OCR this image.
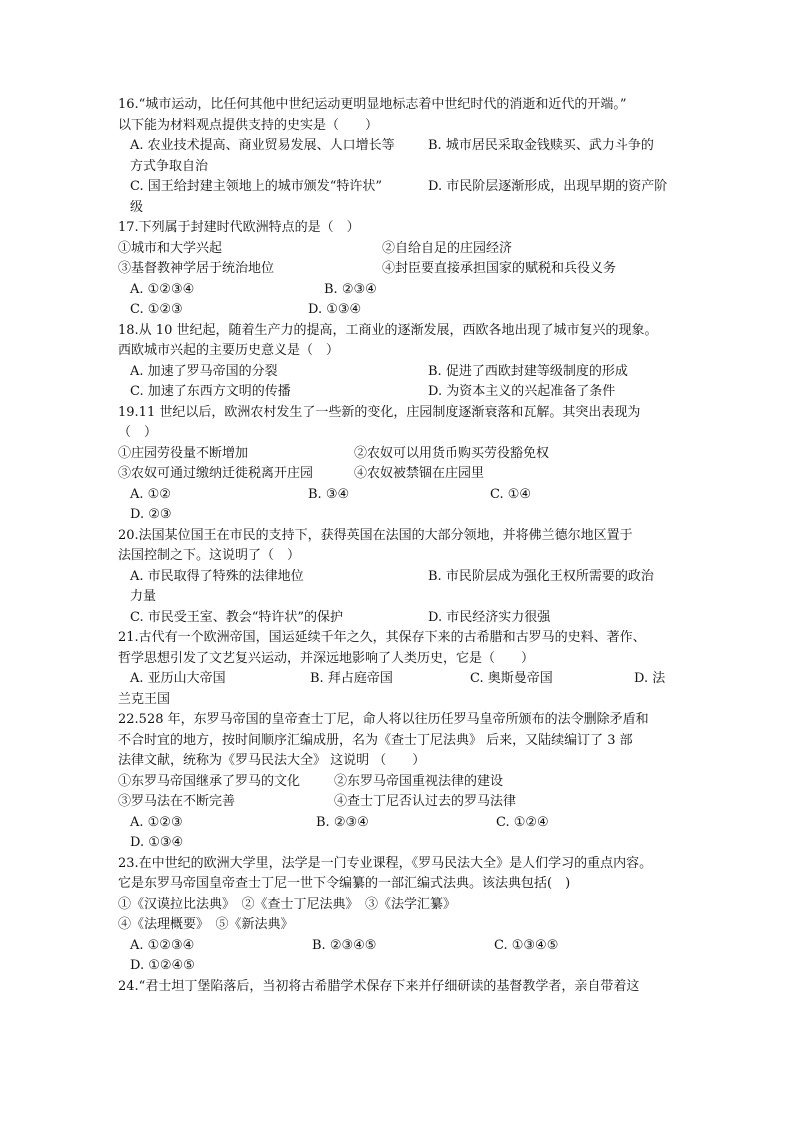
16.“城市运动，比任何其他中世纪运动更明显地标志着中世纪时代的消逝和近代的开端。”
以下能为材料观点提供支持的史实是（　　）
A. 农业技术提高、商业贸易发展、人口增长等	B. 城市居民采取金钱赎买、武力斗争的
方式争取自治
C. 国王给封建主领地上的城市颁发“特许状”	D. 市民阶层逐渐形成，出现早期的资产阶
级
17.下列属于封建时代欧洲特点的是（　）
①城市和大学兴起	②自给自足的庄园经济
③基督教神学居于统治地位	④封臣要直接承担国家的赋税和兵役义务
A. ①②③④	B. ②③④
C. ①②③	D. ①③④
18.从 10 世纪起，随着生产力的提高，工商业的逐渐发展，西欧各地出现了城市复兴的现象。
西欧城市兴起的主要历史意义是（　）
A. 加速了罗马帝国的分裂	B. 促进了西欧封建等级制度的形成
C. 加速了东西方文明的传播	D. 为资本主义的兴起准备了条件
19.11 世纪以后，欧洲农村发生了一些新的变化，庄园制度逐渐衰落和瓦解。其突出表现为
（　）
①庄园劳役量不断增加	②农奴可以用货币购买劳役豁免权
③农奴可通过缴纳迁徙税离开庄园	④农奴被禁锢在庄园里
A. ①②	B. ③④	C. ①④
D. ②③
20.法国某位国王在市民的支持下，获得英国在法国的大部分领地，并将佛兰德尔地区置于
法国控制之下。这说明了（　）
A. 市民取得了特殊的法律地位	B. 市民阶层成为强化王权所需要的政治
力量
C. 市民受王室、教会“特许状”的保护	D. 市民经济实力很强
21.古代有一个欧洲帝国，国运延续千年之久，其保存下来的古希腊和古罗马的史料、著作、
哲学思想引发了文艺复兴运动，并深远地影响了人类历史，它是（　　）
A. 亚历山大帝国	B. 拜占庭帝国	C. 奥斯曼帝国	D. 法
兰克王国
22.528 年，东罗马帝国的皇帝查士丁尼，命人将以往历任罗马皇帝所颁布的法令删除矛盾和
不合时宜的地方，按时间顺序汇编成册，名为《查士丁尼法典》 后来，又陆续编订了 3 部
法律文献，统称为《罗马民法大全》 这说明 （　　）
①东罗马帝国继承了罗马的文化	②东罗马帝国重视法律的建设
③罗马法在不断完善	④查士丁尼否认过去的罗马法律
A. ①②③	B. ②③④	C. ①②④
D. ①③④
23.在中世纪的欧洲大学里，法学是一门专业课程，《罗马民法大全》是人们学习的重点内容。
它是东罗马帝国皇帝查士丁尼一世下令编纂的一部汇编式法典。该法典包括(　)
①《汉谟拉比法典》　②《查士丁尼法典》　③《法学汇纂》
④《法理概要》　⑤《新法典》
A. ①②③④	B. ②③④⑤	C. ①③④⑤
D. ①②④⑤
24.“君士坦丁堡陷落后，当初将古希腊学术保存下来并仔细研读的基督教学者，亲自带着这
